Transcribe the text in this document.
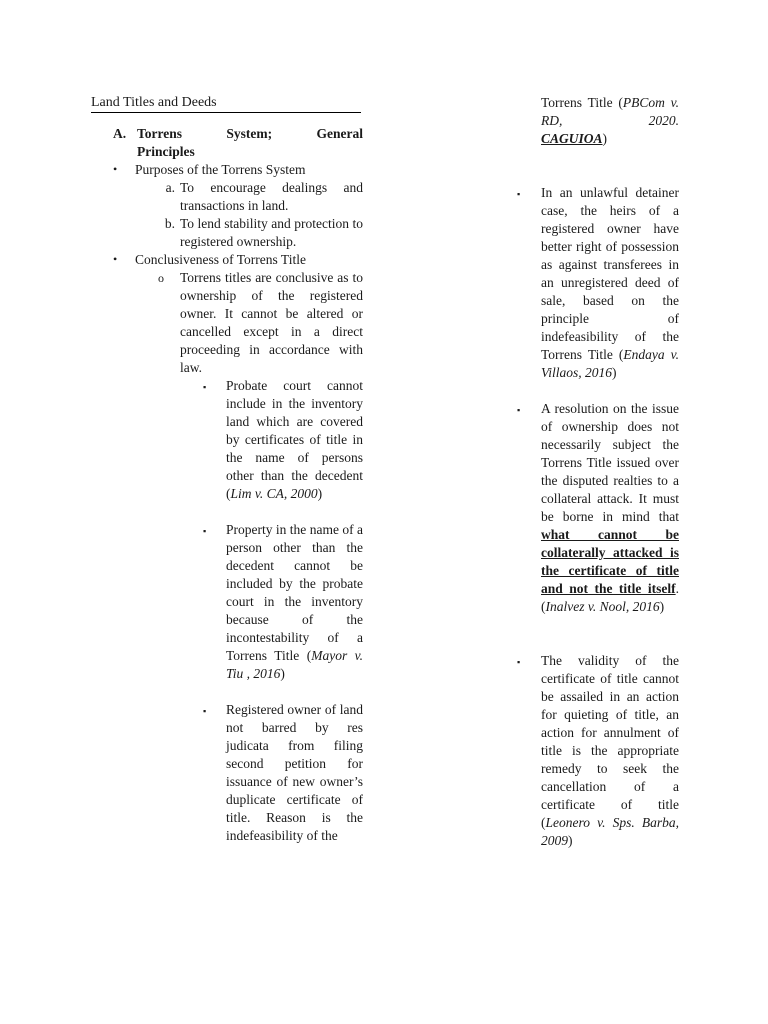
Land Titles and Deeds
A. Torrens System; General
Principles
• Purposes of the Torrens System
a. To encourage dealings and transactions in land.
b. To lend stability and protection to registered ownership.
• Conclusiveness of Torrens Title
o Torrens titles are conclusive as to ownership of the registered owner. It cannot be altered or cancelled except in a direct proceeding in accordance with law.
▪ Probate court cannot include in the inventory land which are covered by certificates of title in the name of persons other than the decedent (Lim v. CA, 2000)
▪ Property in the name of a person other than the decedent cannot be included by the probate court in the inventory because of the incontestability of a Torrens Title (Mayor v. Tiu , 2016)
▪ Registered owner of land not barred by res judicata from filing second petition for issuance of new owner’s duplicate certificate of title. Reason is the indefeasibility of the
Torrens Title (PBCom v. RD, 2020.
CAGUIOA)
▪ In an unlawful detainer case, the heirs of a registered owner have better right of possession as against transferees in an unregistered deed of sale, based on the principle of indefeasibility of the Torrens Title (Endaya v. Villaos, 2016)
▪ A resolution on the issue of ownership does not necessarily subject the Torrens Title issued over the disputed realties to a collateral attack. It must be borne in mind that what cannot be collaterally attacked is the certificate of title and not the title itself. (Inalvez v. Nool, 2016)
▪ The validity of the certificate of title cannot be assailed in an action for quieting of title, an action for annulment of title is the appropriate remedy to seek the cancellation of a certificate of title (Leonero v. Sps. Barba, 2009)
